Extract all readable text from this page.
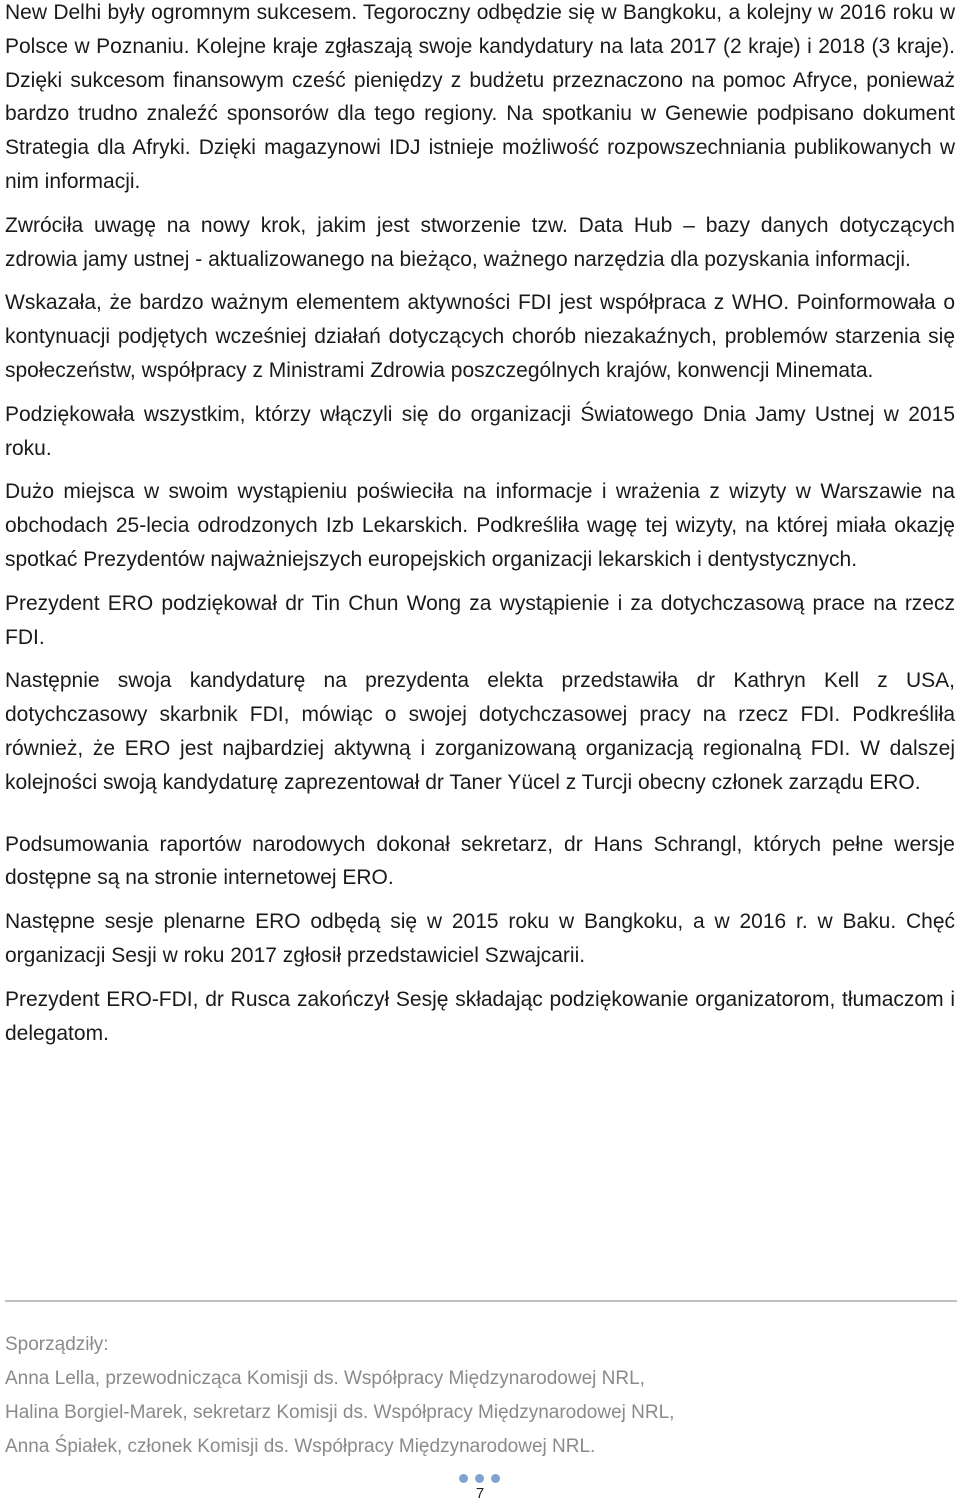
New Delhi były ogromnym sukcesem. Tegoroczny odbędzie się w Bangkoku, a kolejny w 2016 roku w Polsce w Poznaniu. Kolejne kraje zgłaszają swoje kandydatury na lata 2017 (2 kraje) i 2018 (3 kraje). Dzięki sukcesom finansowym cześć pieniędzy z budżetu przeznaczono na pomoc Afryce, ponieważ bardzo trudno znaleźć sponsorów dla tego regiony. Na spotkaniu w Genewie podpisano dokument Strategia dla Afryki. Dzięki magazynowi IDJ istnieje możliwość rozpowszechniania publikowanych w nim informacji.

Zwróciła uwagę na nowy krok, jakim jest stworzenie tzw. Data Hub – bazy danych dotyczących zdrowia jamy ustnej - aktualizowanego na bieżąco, ważnego narzędzia dla pozyskania informacji.

Wskazała, że bardzo ważnym elementem aktywności FDI jest współpraca z WHO. Poinformowała o kontynuacji podjętych wcześniej działań dotyczących chorób niezakaźnych, problemów starzenia się społeczeństw, współpracy z Ministrami Zdrowia poszczególnych krajów, konwencji Minemata.

Podziękowała wszystkim, którzy włączyli się do organizacji Światowego Dnia Jamy Ustnej w 2015 roku.

Dużo miejsca w swoim wystąpieniu poświeciła na informacje i wrażenia z wizyty w Warszawie na obchodach 25-lecia odrodzonych Izb Lekarskich. Podkreśliła wagę tej wizyty, na której miała okazję spotkać Prezydentów najważniejszych europejskich organizacji lekarskich i dentystycznych.

Prezydent ERO podziękował dr Tin Chun Wong za wystąpienie i za dotychczasową prace na rzecz FDI.

Następnie swoja kandydaturę na prezydenta elekta przedstawiła dr Kathryn Kell z USA, dotychczasowy skarbnik FDI, mówiąc o swojej dotychczasowej pracy na rzecz FDI. Podkreśliła również, że ERO jest najbardziej aktywną i zorganizowaną organizacją regionalną FDI. W dalszej kolejności swoją kandydaturę zaprezentował dr Taner Yücel z Turcji obecny członek zarządu ERO.

Podsumowania raportów narodowych dokonał sekretarz, dr Hans Schrangl, których pełne wersje dostępne są na stronie internetowej ERO.

Następne sesje plenarne ERO odbędą się w 2015 roku w Bangkoku, a w 2016 r. w Baku. Chęć organizacji Sesji w roku 2017 zgłosił przedstawiciel Szwajcarii.

Prezydent ERO-FDI, dr Rusca zakończył Sesję składając podziękowanie organizatorom, tłumaczom i delegatom.

Sporządziły:
Anna Lella, przewodnicząca Komisji ds. Współpracy Międzynarodowej NRL,
Halina Borgiel-Marek, sekretarz Komisji ds. Współpracy Międzynarodowej NRL,
Anna Śpiałek, członek Komisji ds. Współpracy Międzynarodowej NRL.
7
